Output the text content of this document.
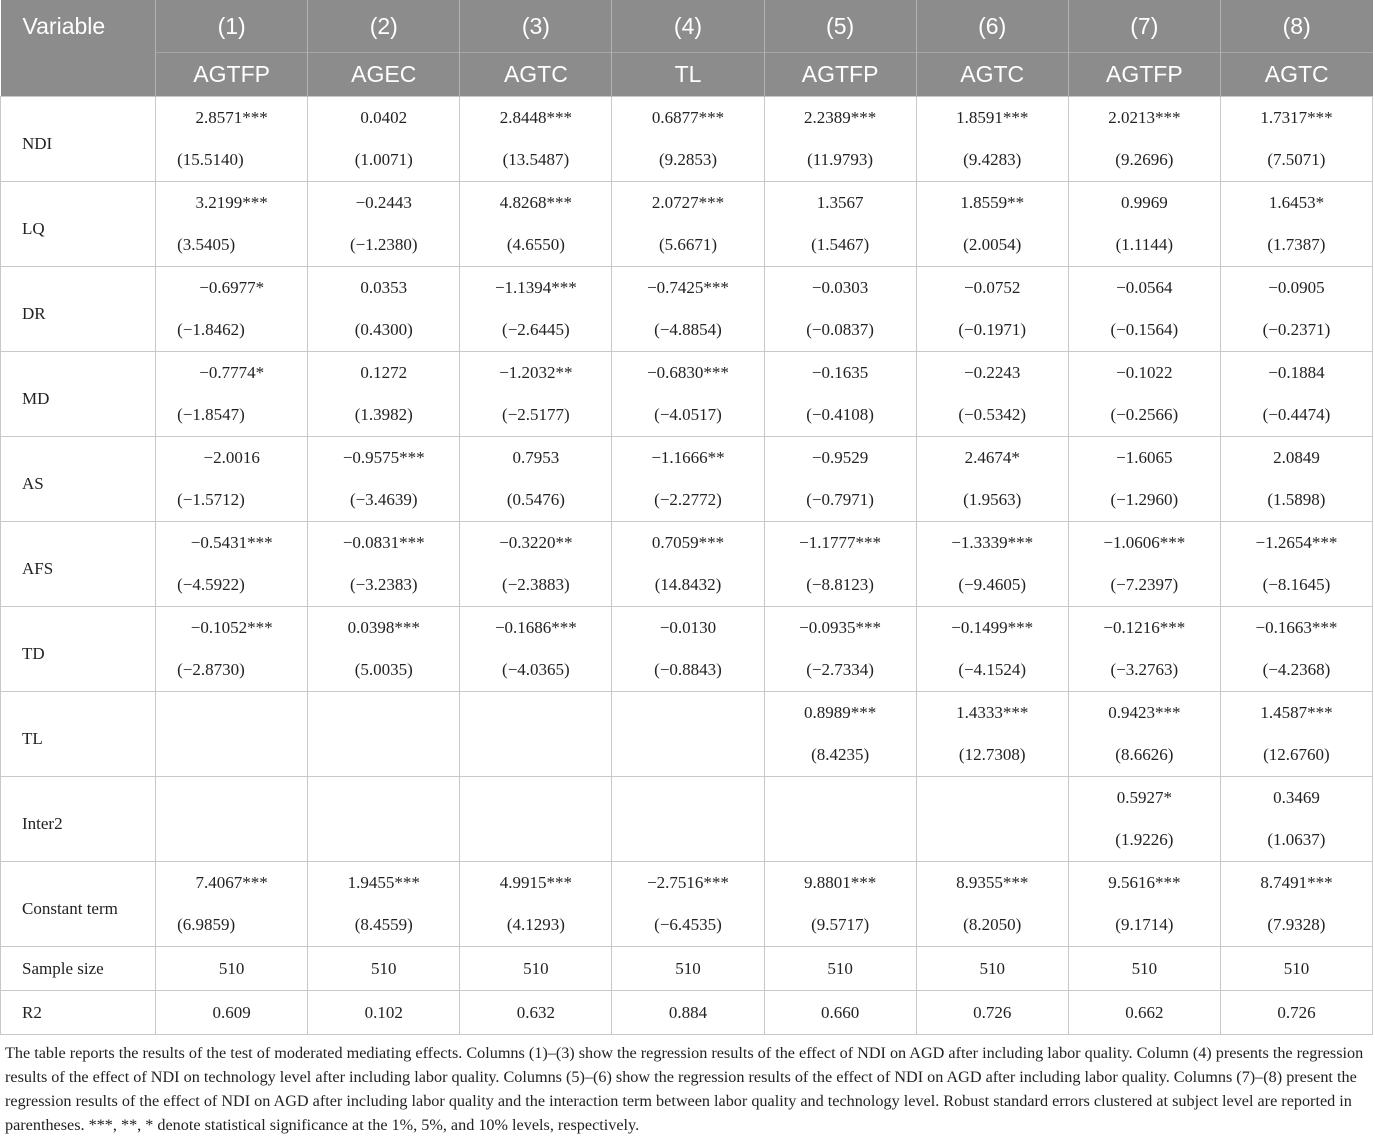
Variable	(1)	(2)	(3)	(4)	(5)	(6)	(7)	(8)
	AGTFP	AGEC	AGTC	TL	AGTFP	AGTC	AGTFP	AGTC
NDI	2.8571***	0.0402	2.8448***	0.6877***	2.2389***	1.8591***	2.0213***	1.7317***
	(15.5140)	(1.0071)	(13.5487)	(9.2853)	(11.9793)	(9.4283)	(9.2696)	(7.5071)
LQ	3.2199***	−0.2443	4.8268***	2.0727***	1.3567	1.8559**	0.9969	1.6453*
	(3.5405)	(−1.2380)	(4.6550)	(5.6671)	(1.5467)	(2.0054)	(1.1144)	(1.7387)
DR	−0.6977*	0.0353	−1.1394***	−0.7425***	−0.0303	−0.0752	−0.0564	−0.0905
	(−1.8462)	(0.4300)	(−2.6445)	(−4.8854)	(−0.0837)	(−0.1971)	(−0.1564)	(−0.2371)
MD	−0.7774*	0.1272	−1.2032**	−0.6830***	−0.1635	−0.2243	−0.1022	−0.1884
	(−1.8547)	(1.3982)	(−2.5177)	(−4.0517)	(−0.4108)	(−0.5342)	(−0.2566)	(−0.4474)
AS	−2.0016	−0.9575***	0.7953	−1.1666**	−0.9529	2.4674*	−1.6065	2.0849
	(−1.5712)	(−3.4639)	(0.5476)	(−2.2772)	(−0.7971)	(1.9563)	(−1.2960)	(1.5898)
AFS	−0.5431***	−0.0831***	−0.3220**	0.7059***	−1.1777***	−1.3339***	−1.0606***	−1.2654***
	(−4.5922)	(−3.2383)	(−2.3883)	(14.8432)	(−8.8123)	(−9.4605)	(−7.2397)	(−8.1645)
TD	−0.1052***	0.0398***	−0.1686***	−0.0130	−0.0935***	−0.1499***	−0.1216***	−0.1663***
	(−2.8730)	(5.0035)	(−4.0365)	(−0.8843)	(−2.7334)	(−4.1524)	(−3.2763)	(−4.2368)
TL					0.8989***	1.4333***	0.9423***	1.4587***
					(8.4235)	(12.7308)	(8.6626)	(12.6760)
Inter2							0.5927*	0.3469
							(1.9226)	(1.0637)
Constant term	7.4067***	1.9455***	4.9915***	−2.7516***	9.8801***	8.9355***	9.5616***	8.7491***
	(6.9859)	(8.4559)	(4.1293)	(−6.4535)	(9.5717)	(8.2050)	(9.1714)	(7.9328)
Sample size	510	510	510	510	510	510	510	510
R2	0.609	0.102	0.632	0.884	0.660	0.726	0.662	0.726

The table reports the results of the test of moderated mediating effects. Columns (1)–(3) show the regression results of the effect of NDI on AGD after including labor quality. Column (4) presents the regression results of the effect of NDI on technology level after including labor quality. Columns (5)–(6) show the regression results of the effect of NDI on AGD after including labor quality. Columns (7)–(8) present the regression results of the effect of NDI on AGD after including labor quality and the interaction term between labor quality and technology level. Robust standard errors clustered at subject level are reported in parentheses. ***, **, * denote statistical significance at the 1%, 5%, and 10% levels, respectively.
